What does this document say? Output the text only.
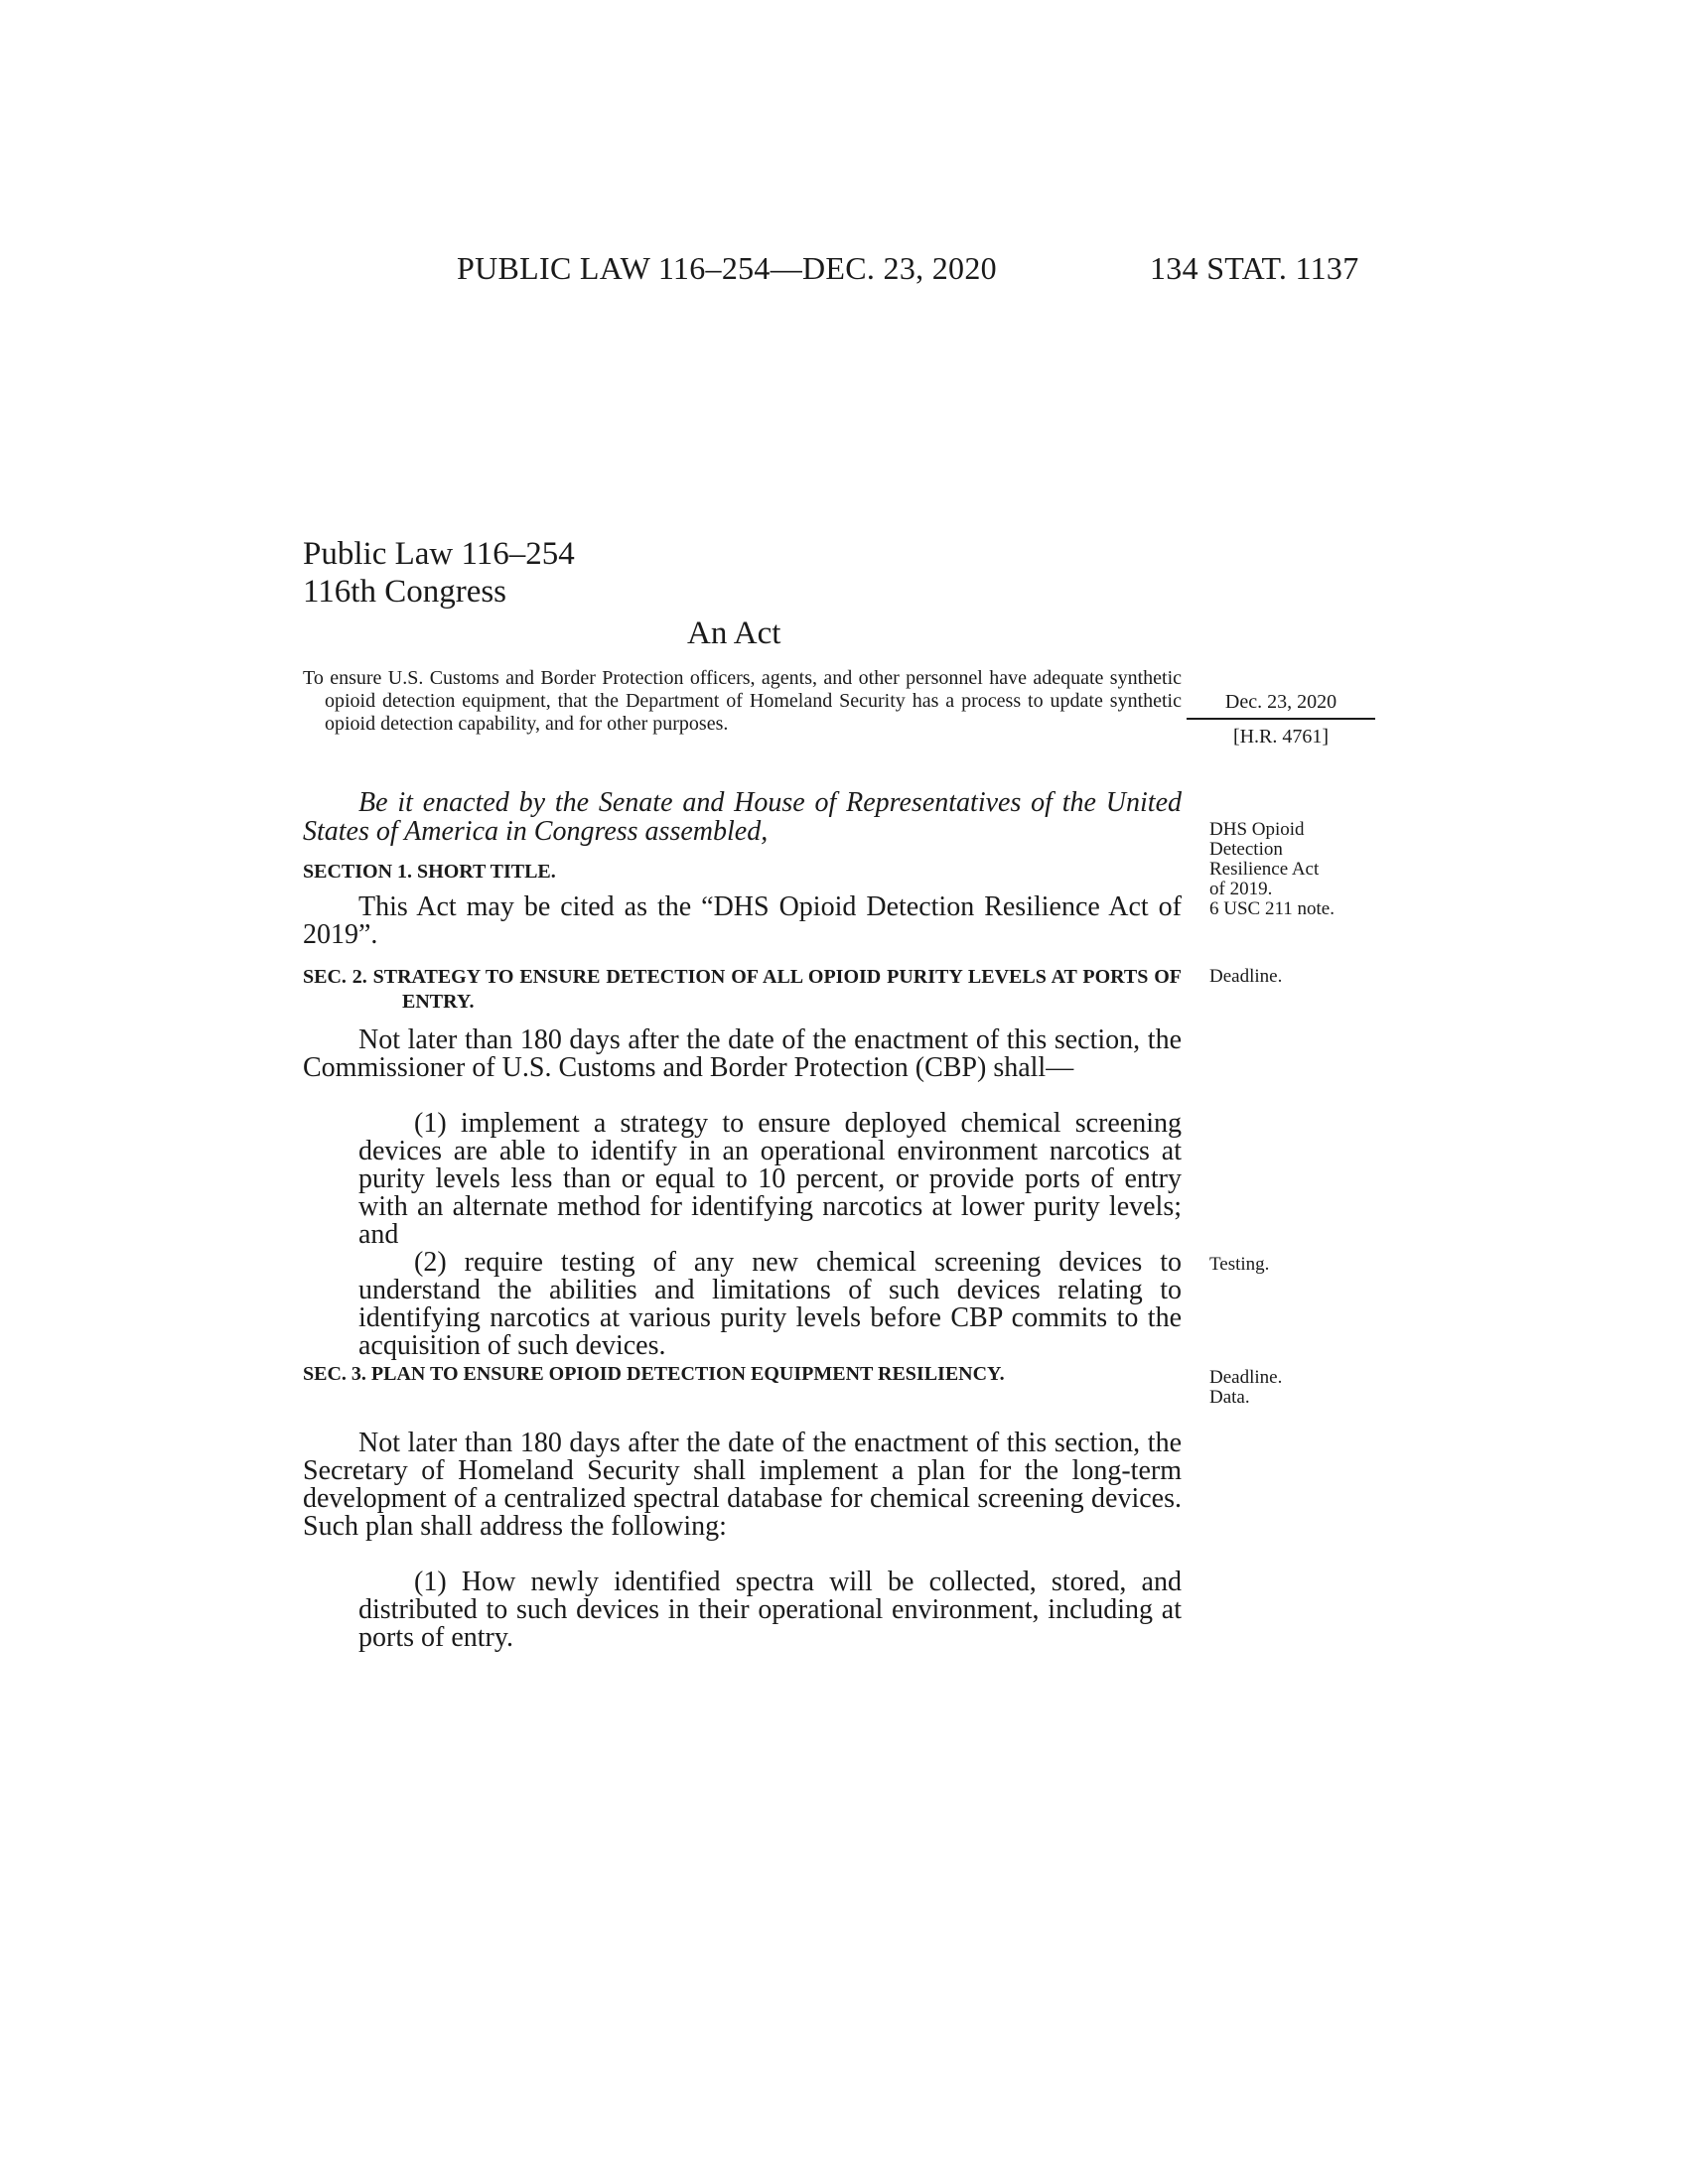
PUBLIC LAW 116–254—DEC. 23, 2020	134 STAT. 1137
Public Law 116–254
116th Congress
An Act
To ensure U.S. Customs and Border Protection officers, agents, and other personnel have adequate synthetic opioid detection equipment, that the Department of Homeland Security has a process to update synthetic opioid detection capability, and for other purposes.
Dec. 23, 2020
[H.R. 4761]
Be it enacted by the Senate and House of Representatives of the United States of America in Congress assembled,	DHS Opioid
Detection
Resilience Act
of 2019.
6 USC 211 note.
SECTION 1. SHORT TITLE.
This Act may be cited as the “DHS Opioid Detection Resilience Act of 2019”.
SEC. 2. STRATEGY TO ENSURE DETECTION OF ALL OPIOID PURITY LEVELS AT PORTS OF ENTRY.
Deadline.
Not later than 180 days after the date of the enactment of this section, the Commissioner of U.S. Customs and Border Protection (CBP) shall—
(1) implement a strategy to ensure deployed chemical screening devices are able to identify in an operational environment narcotics at purity levels less than or equal to 10 percent, or provide ports of entry with an alternate method for identifying narcotics at lower purity levels; and
(2) require testing of any new chemical screening devices to understand the abilities and limitations of such devices relating to identifying narcotics at various purity levels before CBP commits to the acquisition of such devices.
Testing.
SEC. 3. PLAN TO ENSURE OPIOID DETECTION EQUIPMENT RESILIENCY.	Deadline.
Data.
Not later than 180 days after the date of the enactment of this section, the Secretary of Homeland Security shall implement a plan for the long-term development of a centralized spectral database for chemical screening devices. Such plan shall address the following:
(1) How newly identified spectra will be collected, stored, and distributed to such devices in their operational environment, including at ports of entry.
